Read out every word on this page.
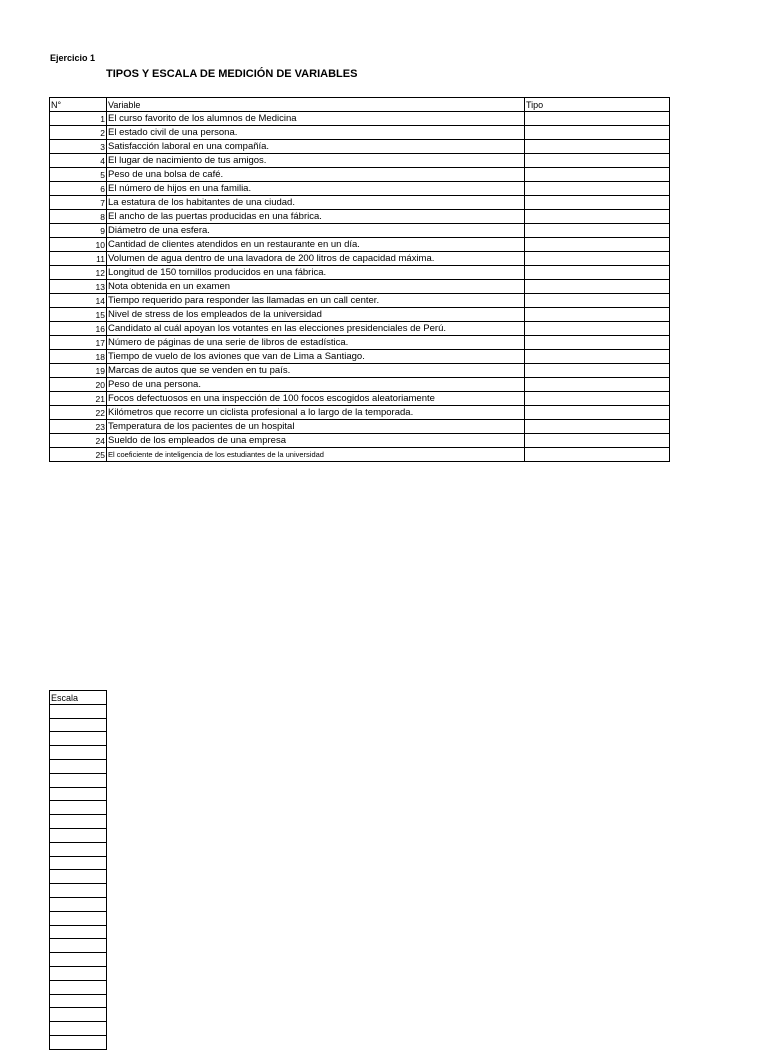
Ejercicio 1
TIPOS Y ESCALA DE MEDICIÓN DE VARIABLES
N°	Variable	Tipo
1	El curso favorito de los alumnos de Medicina	
2	El estado civil de una persona.	
3	Satisfacción laboral en una compañía.	
4	El lugar de nacimiento de tus amigos.	
5	Peso de una bolsa de café.	
6	El número de hijos en una familia.	
7	La estatura de los habitantes de una ciudad.	
8	El ancho de las puertas producidas en una fábrica.	
9	Diámetro de una esfera.	
10	Cantidad de clientes atendidos en un restaurante en un día.	
11	Volumen de agua dentro de una lavadora de 200 litros de capacidad máxima.	
12	Longitud de 150 tornillos producidos en una fábrica.	
13	Nota obtenida en un examen	
14	Tiempo requerido para responder las llamadas en un call center.	
15	Nivel de stress de los empleados de la universidad	
16	Candidato al cuál apoyan los votantes en las elecciones presidenciales de Perú.	
17	Número de páginas de una serie de libros de estadística.	
18	Tiempo de vuelo de los aviones que van de Lima a Santiago.	
19	Marcas de autos que se venden en tu país.	
20	Peso de una persona.	
21	Focos defectuosos en una inspección de 100 focos escogidos aleatoriamente	
22	Kilómetros que recorre un ciclista profesional a lo largo de la temporada.	
23	Temperatura de los pacientes de un hospital	
24	Sueldo de los empleados de una empresa	
25	El coeficiente de inteligencia de los estudiantes de la universidad	
Escala
